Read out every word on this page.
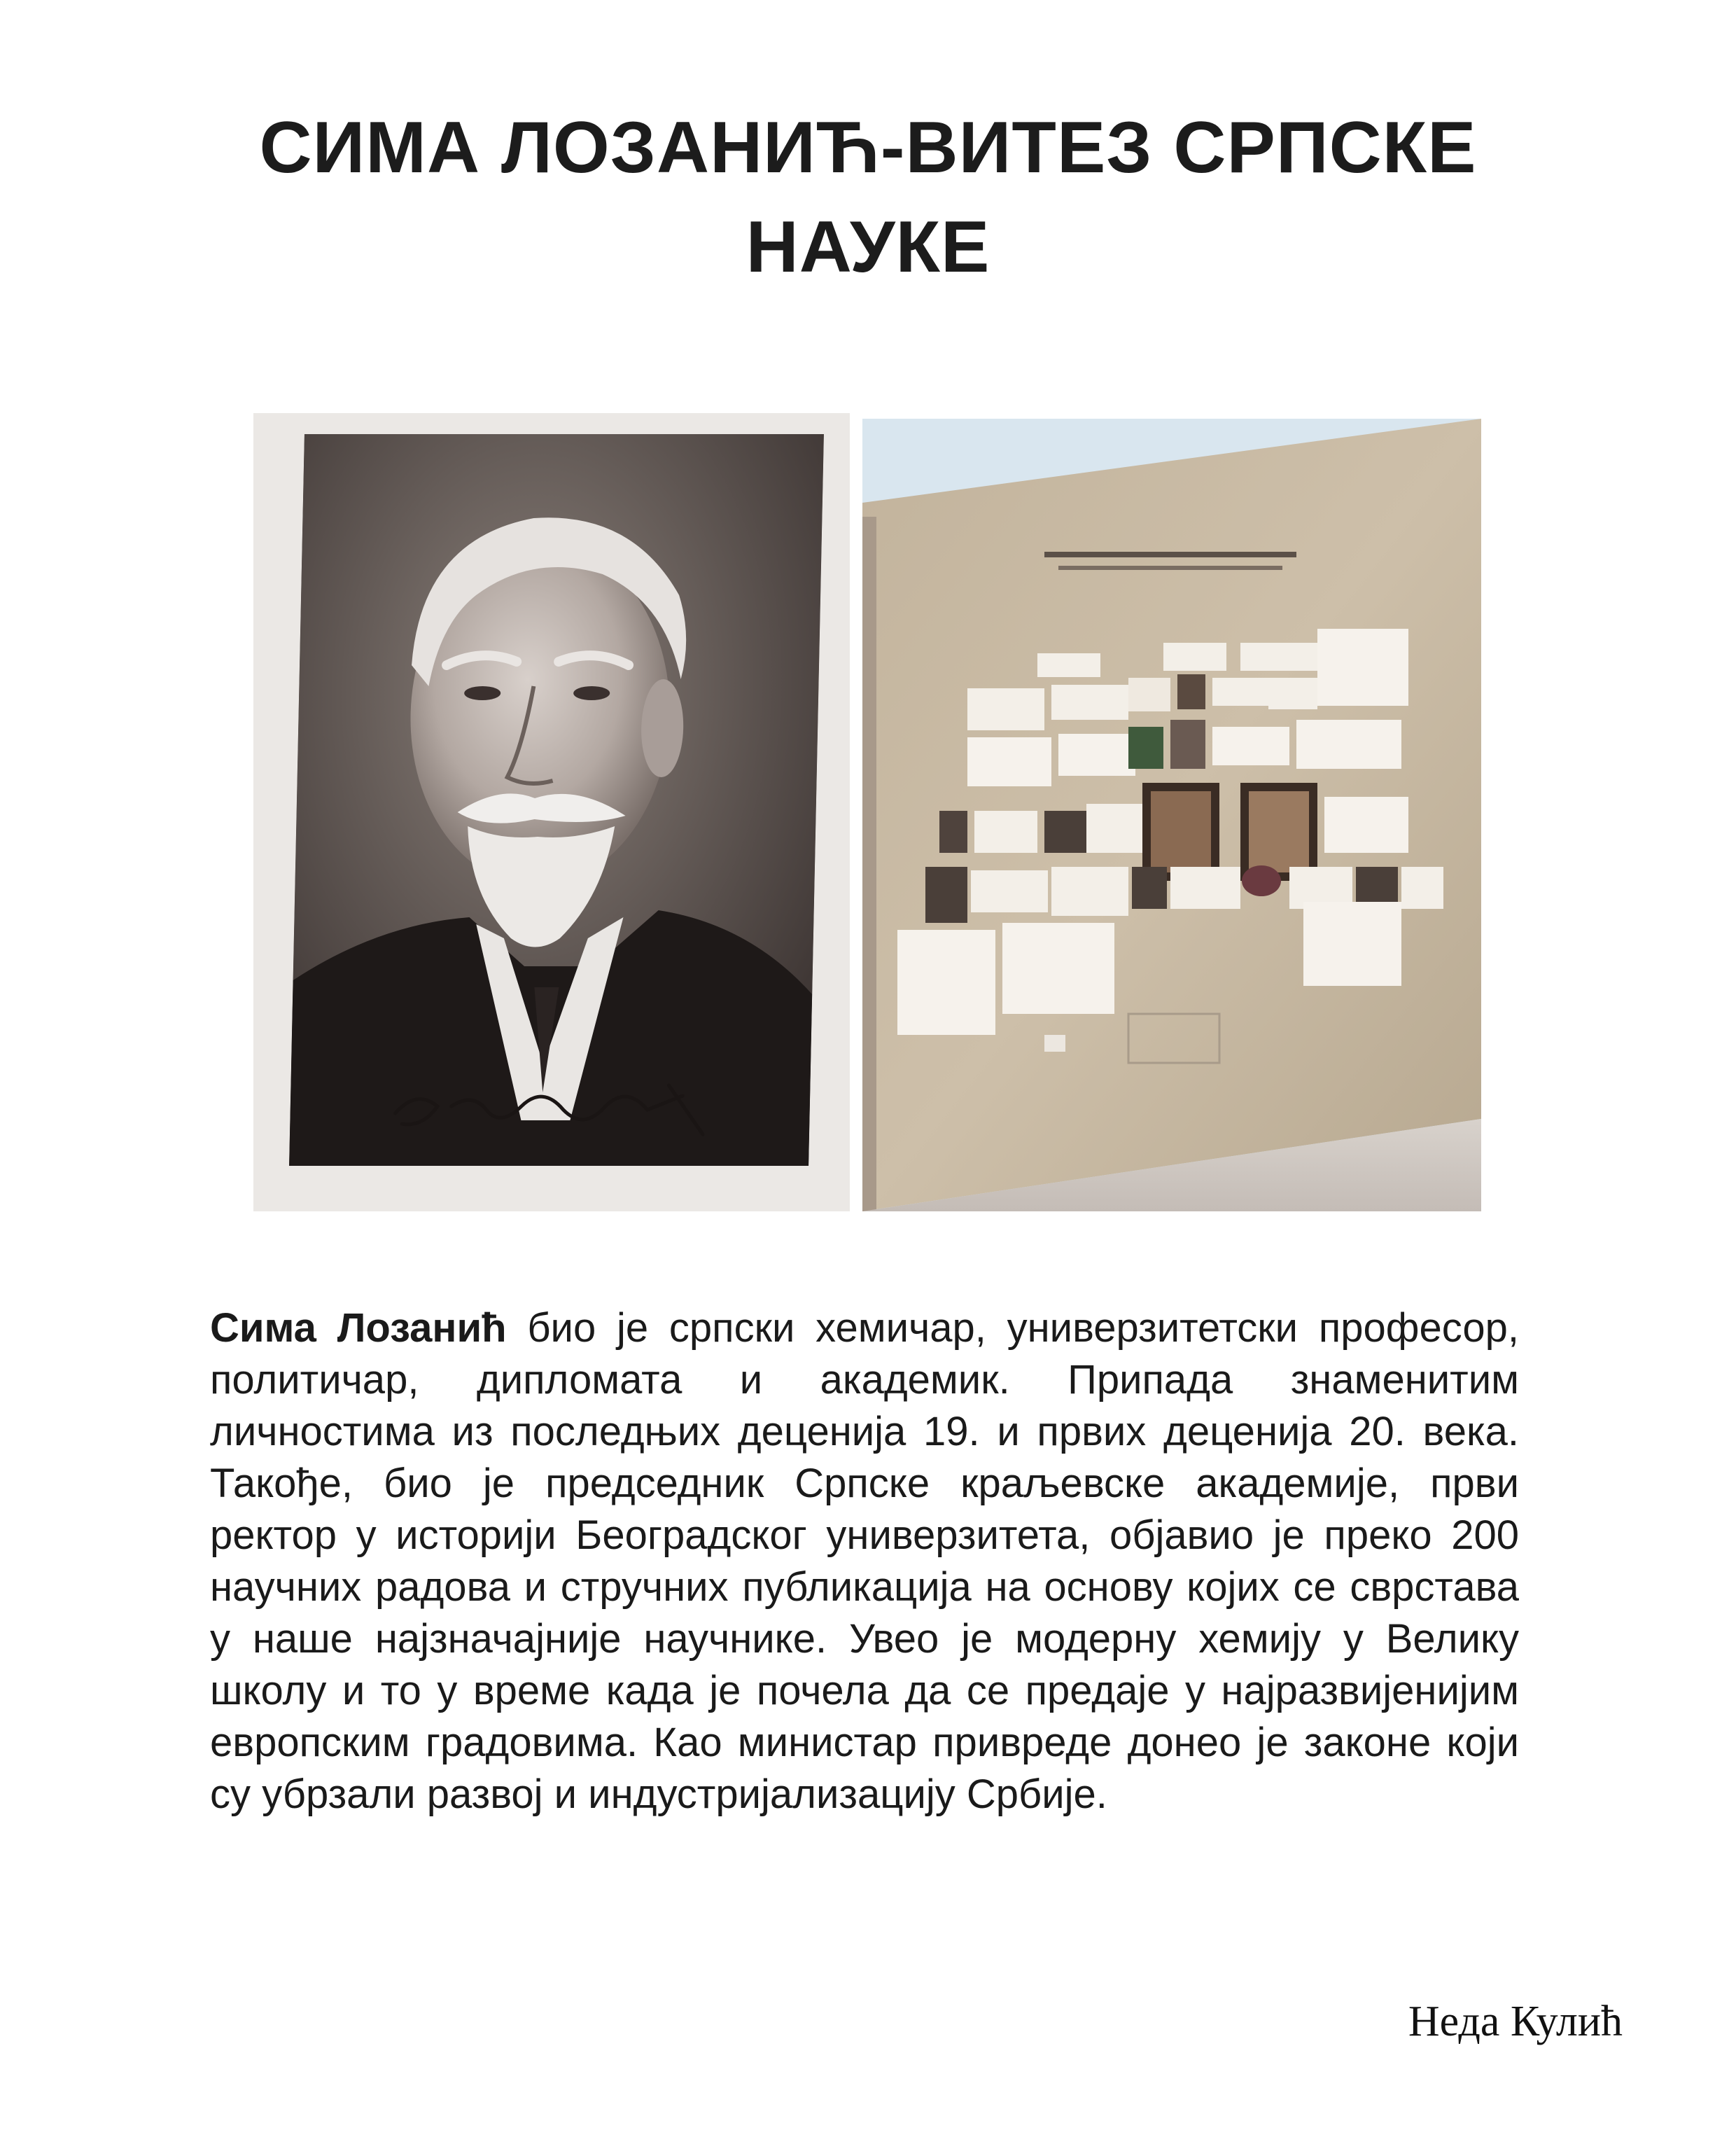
СИМА ЛОЗАНИЋ-ВИТЕЗ СРПСКЕ
НАУКЕ
Сима Лозанић био је српски хемичар, универзитетски професор, политичар, дипломата и академик. Припада знаменитим личностима из последњих деценија 19. и првих деценија 20. века. Такође, био је председник Српске краљевске академије, први ректор у историји Београдског универзитета, објавио је преко 200 научних радова и стручних публикација на основу којих се сврстава у наше најзначајније научнике. Увео је модерну хемију у Велику школу и то у време када је почела да се предаје у најразвијенијим европским градовима. Као министар привреде донео је законе који су убрзали развој и индустријализацију Србије.
Неда Кулић
